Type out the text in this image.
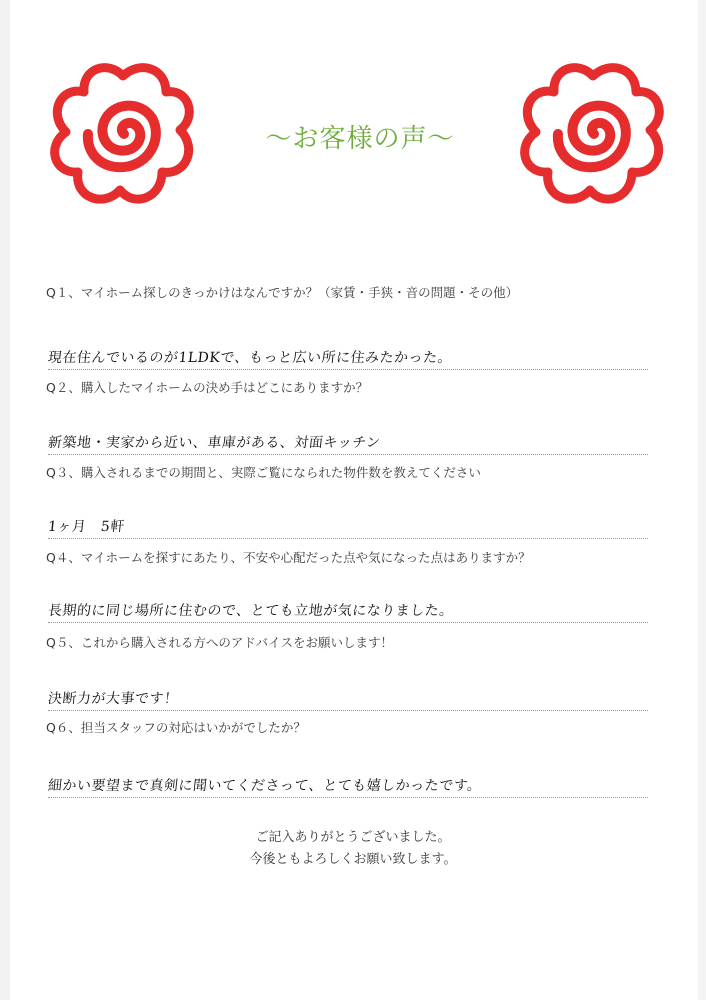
～お客様の声～
Q１、マイホーム探しのきっかけはなんですか？（家賃・手狭・音の問題・その他）
現在住んでいるのが1LDKで、もっと広い所に住みたかった。
Q２、購入したマイホームの決め手はどこにありますか？
新築地・実家から近い、車庫がある、対面キッチン
Q３、購入されるまでの期間と、実際ご覧になられた物件数を教えてください
1ヶ月　5軒
Q４、マイホームを探すにあたり、不安や心配だった点や気になった点はありますか？
長期的に同じ場所に住むので、とても立地が気になりました。
Q５、これから購入される方へのアドバイスをお願いします！
決断力が大事です！
Q６、担当スタッフの対応はいかがでしたか？
細かい要望まで真剣に聞いてくださって、とても嬉しかったです。
ご記入ありがとうございました。
今後ともよろしくお願い致します。
